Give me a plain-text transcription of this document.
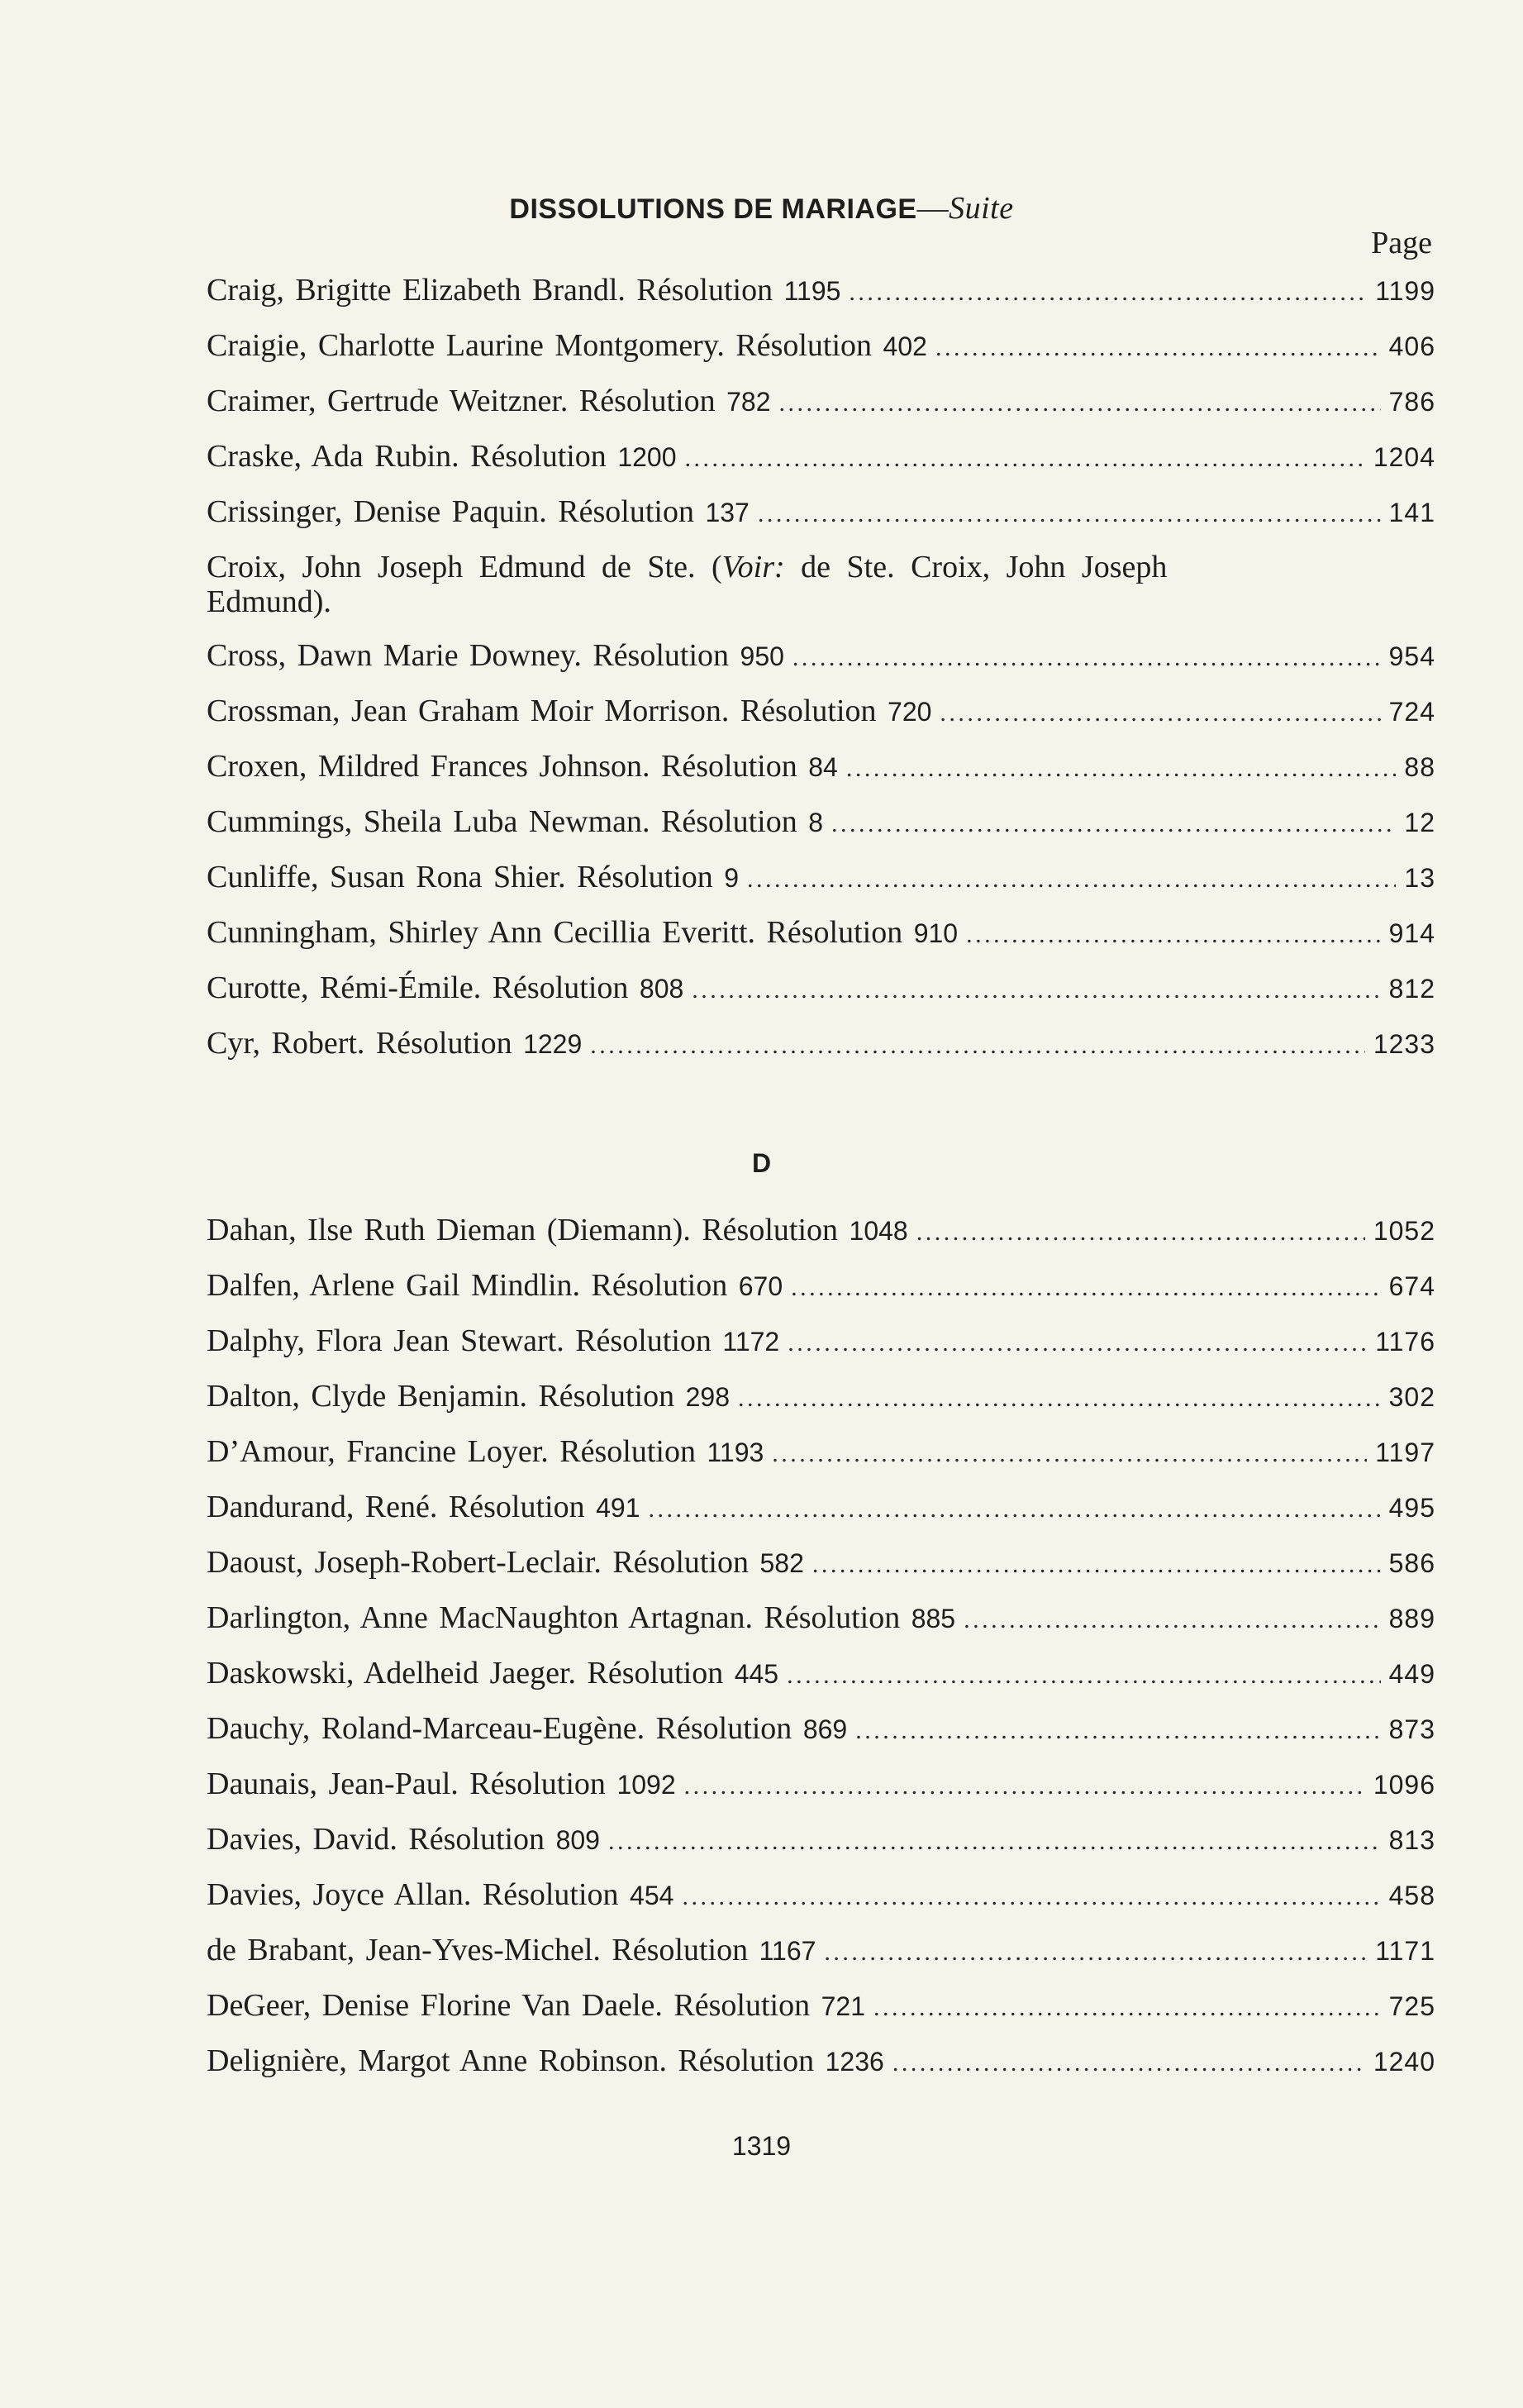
DISSOLUTIONS DE MARIAGE—Suite
Page
Craig, Brigitte Elizabeth Brandl. Résolution 1195 . . .	1199
Craigie, Charlotte Laurine Montgomery. Résolution 402 . . .	406
Craimer, Gertrude Weitzner. Résolution 782 . . .	786
Craske, Ada Rubin. Résolution 1200 . . .	1204
Crissinger, Denise Paquin. Résolution 137 . . .	141
Croix, John Joseph Edmund de Ste. (Voir: de Ste. Croix, John Joseph
Edmund).
Cross, Dawn Marie Downey. Résolution 950 . . .	954
Crossman, Jean Graham Moir Morrison. Résolution 720 . . .	724
Croxen, Mildred Frances Johnson. Résolution 84 . . .	88
Cummings, Sheila Luba Newman. Résolution 8 . . .	12
Cunliffe, Susan Rona Shier. Résolution 9 . . .	13
Cunningham, Shirley Ann Cecillia Everitt. Résolution 910 . . .	914
Curotte, Rémi-Émile. Résolution 808 . . .	812
Cyr, Robert. Résolution 1229 . . .	1233
D
Dahan, Ilse Ruth Dieman (Diemann). Résolution 1048 . . .	1052
Dalfen, Arlene Gail Mindlin. Résolution 670 . . .	674
Dalphy, Flora Jean Stewart. Résolution 1172 . . .	1176
Dalton, Clyde Benjamin. Résolution 298 . . .	302
D’Amour, Francine Loyer. Résolution 1193 . . .	1197
Dandurand, René. Résolution 491 . . .	495
Daoust, Joseph-Robert-Leclair. Résolution 582 . . .	586
Darlington, Anne MacNaughton Artagnan. Résolution 885 . . .	889
Daskowski, Adelheid Jaeger. Résolution 445 . . .	449
Dauchy, Roland-Marceau-Eugène. Résolution 869 . . .	873
Daunais, Jean-Paul. Résolution 1092 . . .	1096
Davies, David. Résolution 809 . . .	813
Davies, Joyce Allan. Résolution 454 . . .	458
de Brabant, Jean-Yves-Michel. Résolution 1167 . . .	1171
DeGeer, Denise Florine Van Daele. Résolution 721 . . .	725
Delignière, Margot Anne Robinson. Résolution 1236 . . .	1240
1319
